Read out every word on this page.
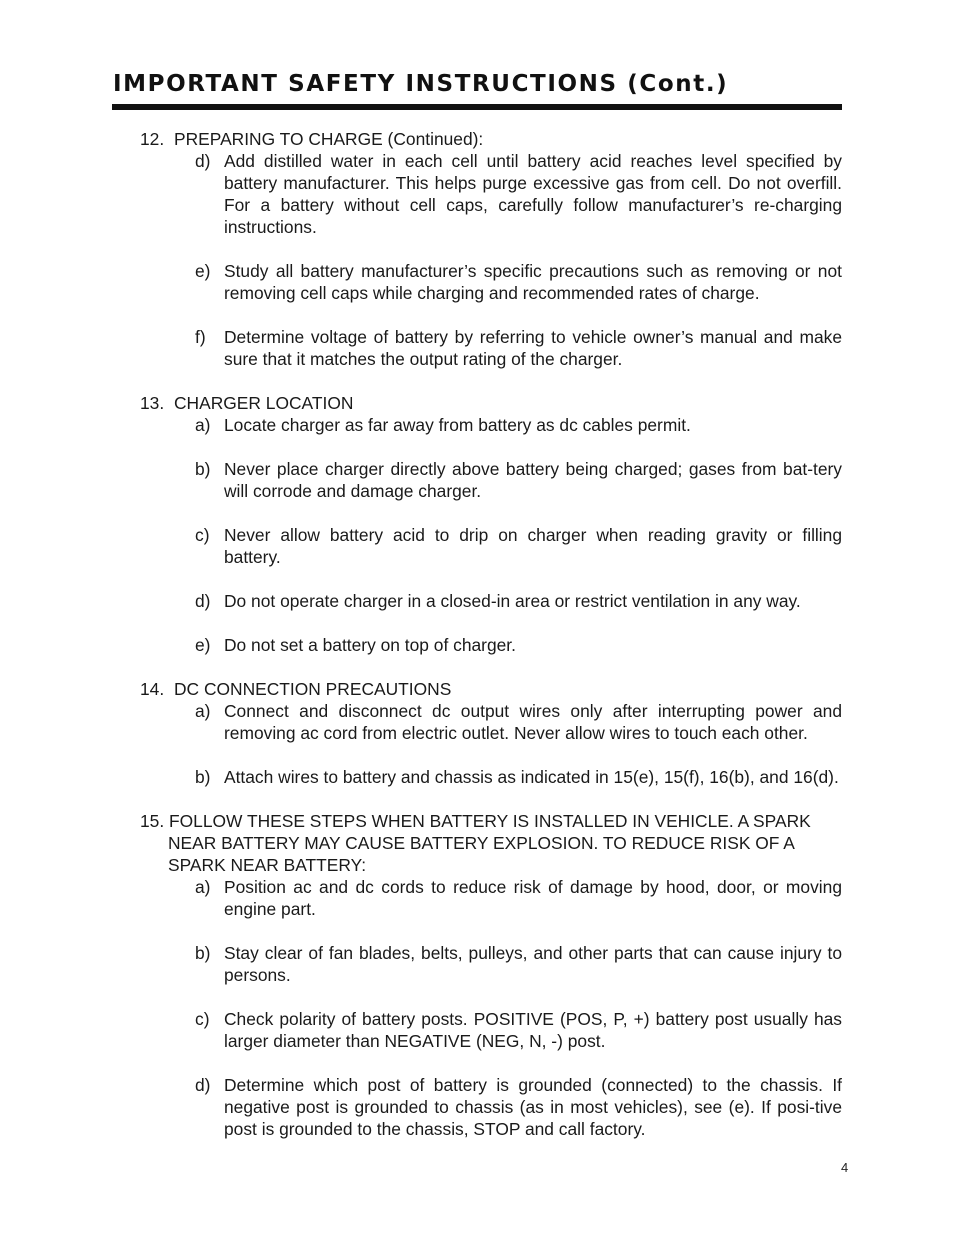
IMPORTANT SAFETY INSTRUCTIONS (Cont.)
12. PREPARING TO CHARGE (Continued):
d) Add distilled water in each cell until battery acid reaches level specified by battery manufacturer. This helps purge excessive gas from cell. Do not overfill. For a battery without cell caps, carefully follow manufacturer’s re-charging instructions.
e) Study all battery manufacturer’s specific precautions such as removing or not removing cell caps while charging and recommended rates of charge.
f)	Determine voltage of battery by referring to vehicle owner’s manual and make sure that it matches the output rating of the charger.
13. CHARGER LOCATION
a) Locate charger as far away from battery as dc cables permit.
b) Never place charger directly above battery being charged; gases from bat-tery will corrode and damage charger.
c) Never allow battery acid to drip on charger when reading gravity or filling battery.
d) Do not operate charger in a closed-in area or restrict ventilation in any way.
e) Do not set a battery on top of charger.
14. DC CONNECTION PRECAUTIONS
a) Connect and disconnect dc output wires only after interrupting power and removing ac cord from electric outlet. Never allow wires to touch each other.
b) Attach wires to battery and chassis as indicated in 15(e), 15(f), 16(b), and 16(d).
15. FOLLOW THESE STEPS WHEN BATTERY IS INSTALLED IN VEHICLE. A SPARK NEAR BATTERY MAY CAUSE BATTERY EXPLOSION. TO REDUCE RISK OF A SPARK NEAR BATTERY:
a) Position ac and dc cords to reduce risk of damage by hood, door, or moving engine part.
b) Stay clear of fan blades, belts, pulleys, and other parts that can cause injury to persons.
c) Check polarity of battery posts. POSITIVE (POS, P, +) battery post usually has larger diameter than NEGATIVE (NEG, N, -) post.
d) Determine which post of battery is grounded (connected) to the chassis. If negative post is grounded to chassis (as in most vehicles), see (e). If posi-tive post is grounded to the chassis, STOP and call factory.
4
